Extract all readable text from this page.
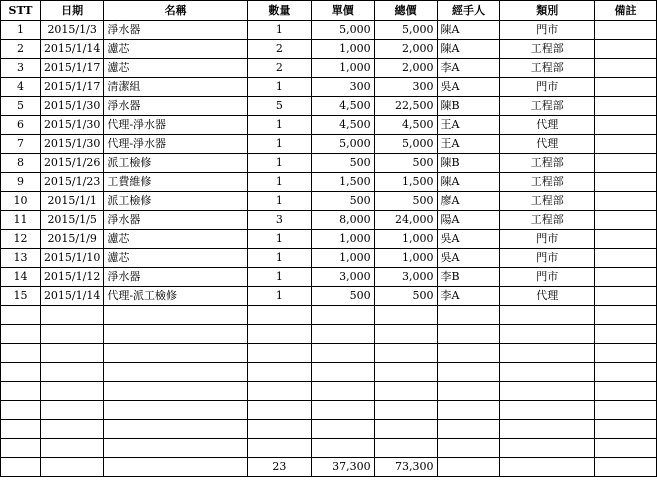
STT	日期	名稱	數量	單價	總價	經手人	類別	備註
1	2015/1/3	淨水器	1	5,000	5,000	陳A	門市	
2	2015/1/14	濾芯	2	1,000	2,000	陳A	工程部	
3	2015/1/17	濾芯	2	1,000	2,000	李A	工程部	
4	2015/1/17	清潔組	1	300	300	吳A	門市	
5	2015/1/30	淨水器	5	4,500	22,500	陳B	工程部	
6	2015/1/30	代理-淨水器	1	4,500	4,500	王A	代理	
7	2015/1/30	代理-淨水器	1	5,000	5,000	王A	代理	
8	2015/1/26	派工檢修	1	500	500	陳B	工程部	
9	2015/1/23	工費維修	1	1,500	1,500	陳A	工程部	
10	2015/1/1	派工檢修	1	500	500	廖A	工程部	
11	2015/1/5	淨水器	3	8,000	24,000	陽A	工程部	
12	2015/1/9	濾芯	1	1,000	1,000	吳A	門市	
13	2015/1/10	濾芯	1	1,000	1,000	吳A	門市	
14	2015/1/12	淨水器	1	3,000	3,000	李B	門市	
15	2015/1/14	代理-派工檢修	1	500	500	李A	代理	

			23	37,300	73,300			
